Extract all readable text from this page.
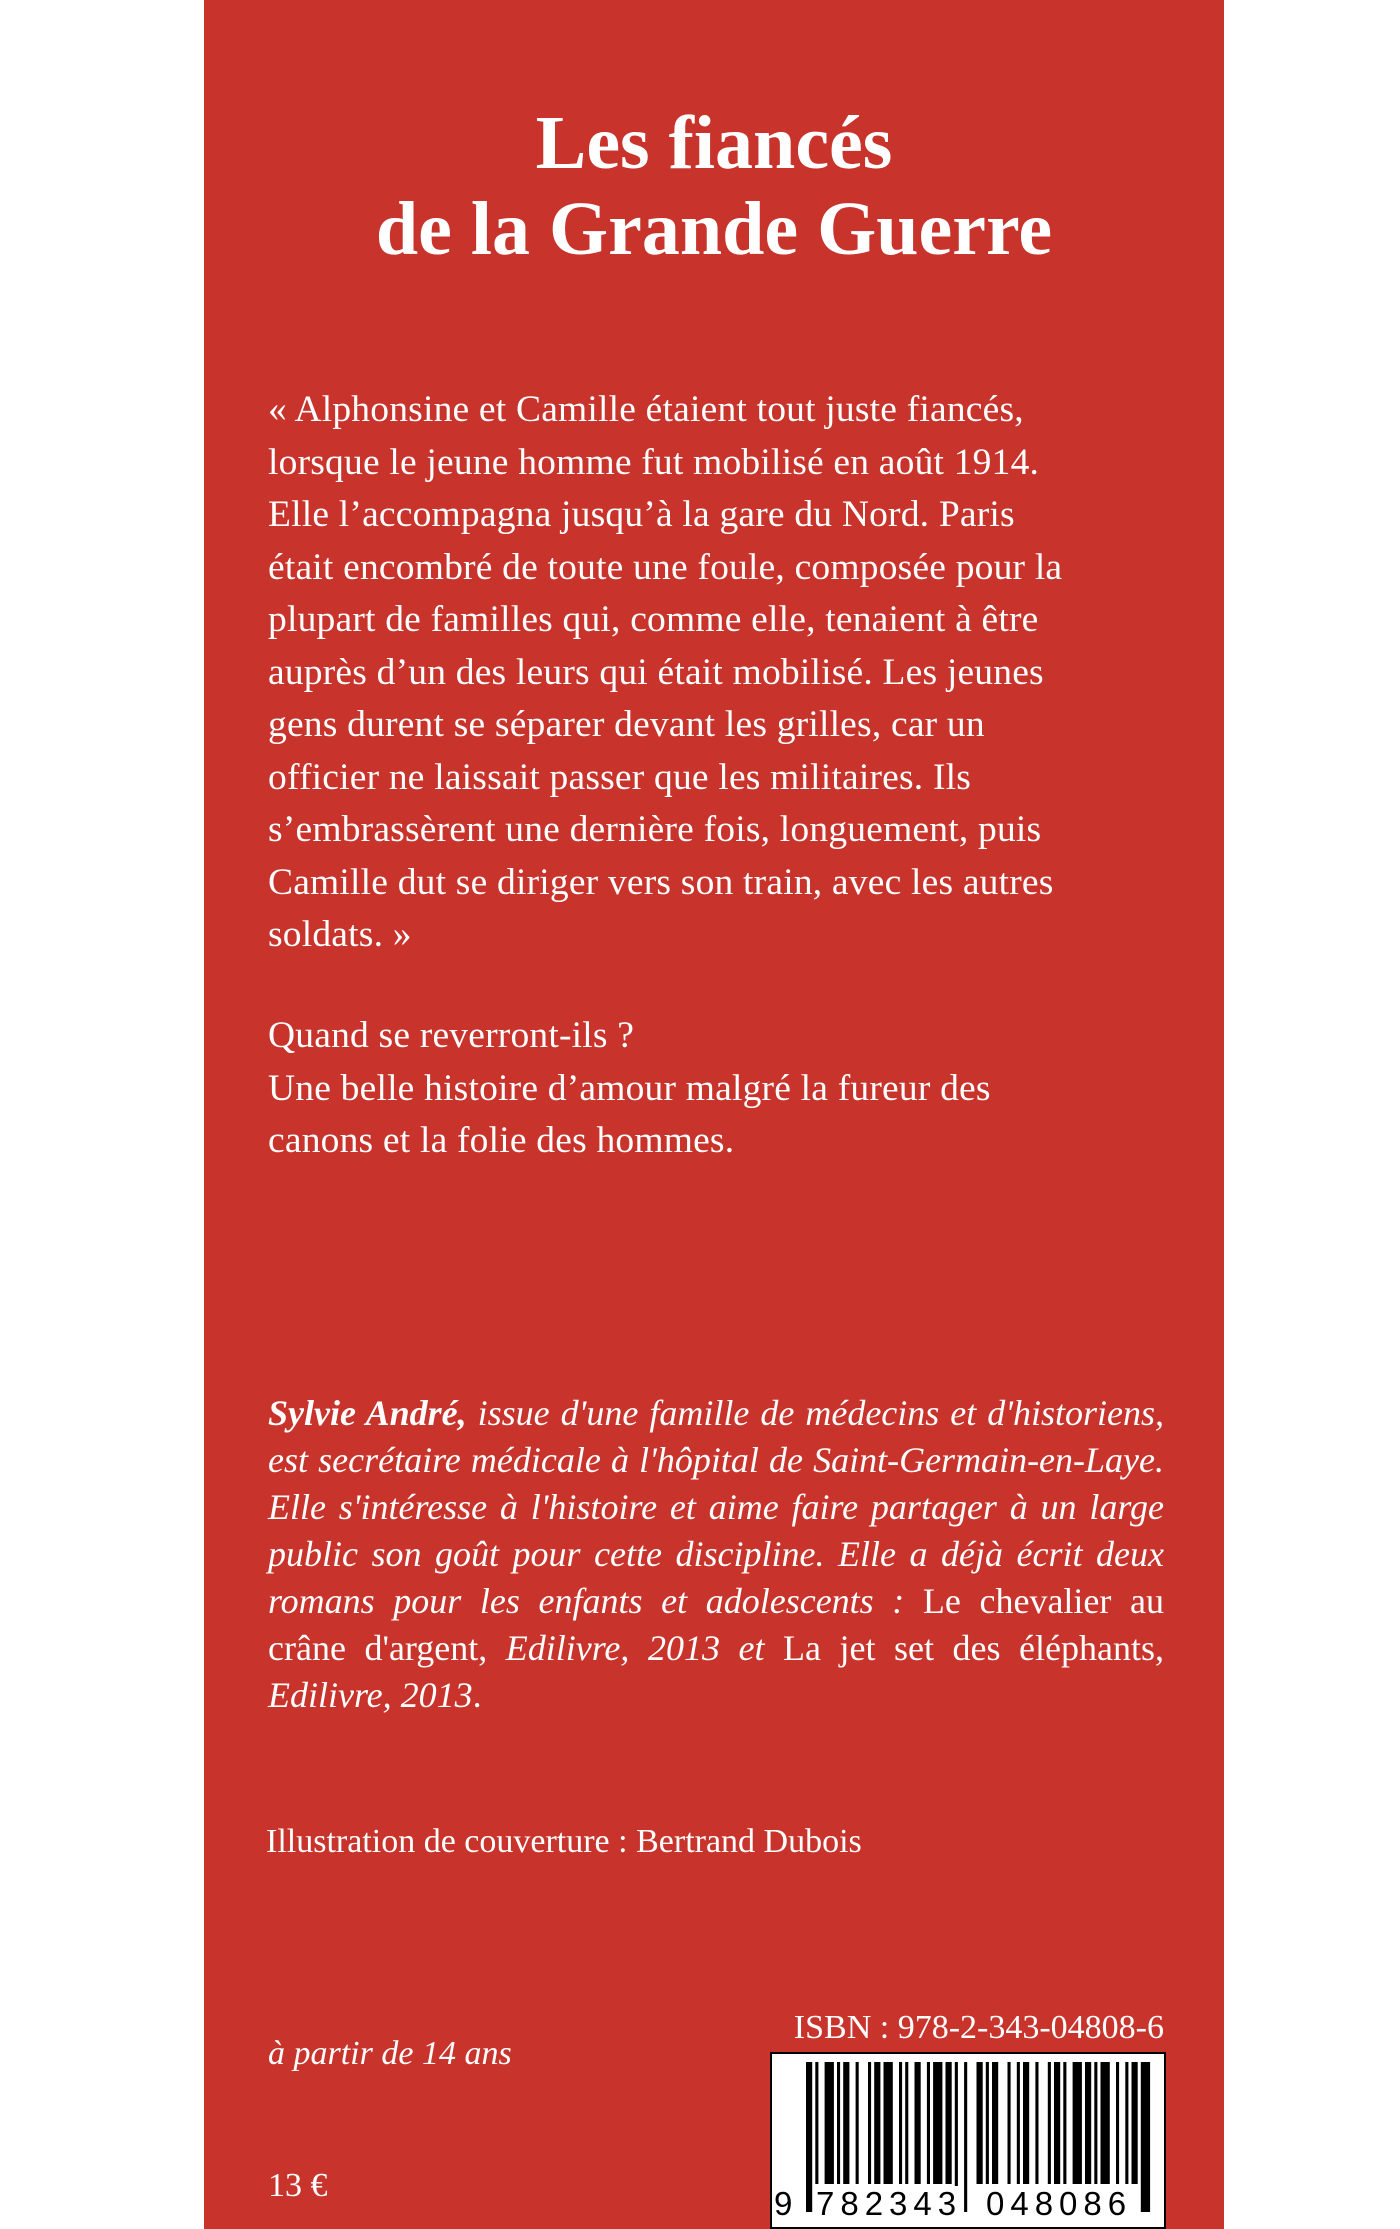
Les fiancés
de la Grande Guerre

« Alphonsine et Camille étaient tout juste fiancés,

lorsque le jeune homme fut mobilisé en août 1914.

Elle l’accompagna jusqu’à la gare du Nord. Paris

était encombré de toute une foule, composée pour la

plupart de familles qui, comme elle, tenaient à être

auprès d’un des leurs qui était mobilisé. Les jeunes

gens durent se séparer devant les grilles, car un

officier ne laissait passer que les militaires. Ils

s’embrassèrent une dernière fois, longuement, puis

Camille dut se diriger vers son train, avec les autres

soldats. »

Quand se reverront-ils ?

Une belle histoire d’amour malgré la fureur des

canons et la folie des hommes.

Sylvie André, issue d'une famille de médecins et d'historiens, est secrétaire médicale à l'hôpital de Saint-Germain-en-Laye. Elle s'intéresse à l'histoire et aime faire partager à un large public son goût pour cette discipline. Elle a déjà écrit deux romans pour les enfants et adolescents : Le chevalier au crâne d'argent, Edilivre, 2013 et La jet set des éléphants, Edilivre, 2013.
Illustration de couverture : Bertrand Dubois
à partir de 14 ans
13 €
ISBN : 978-2-343-04808-6
9 782343 048086
